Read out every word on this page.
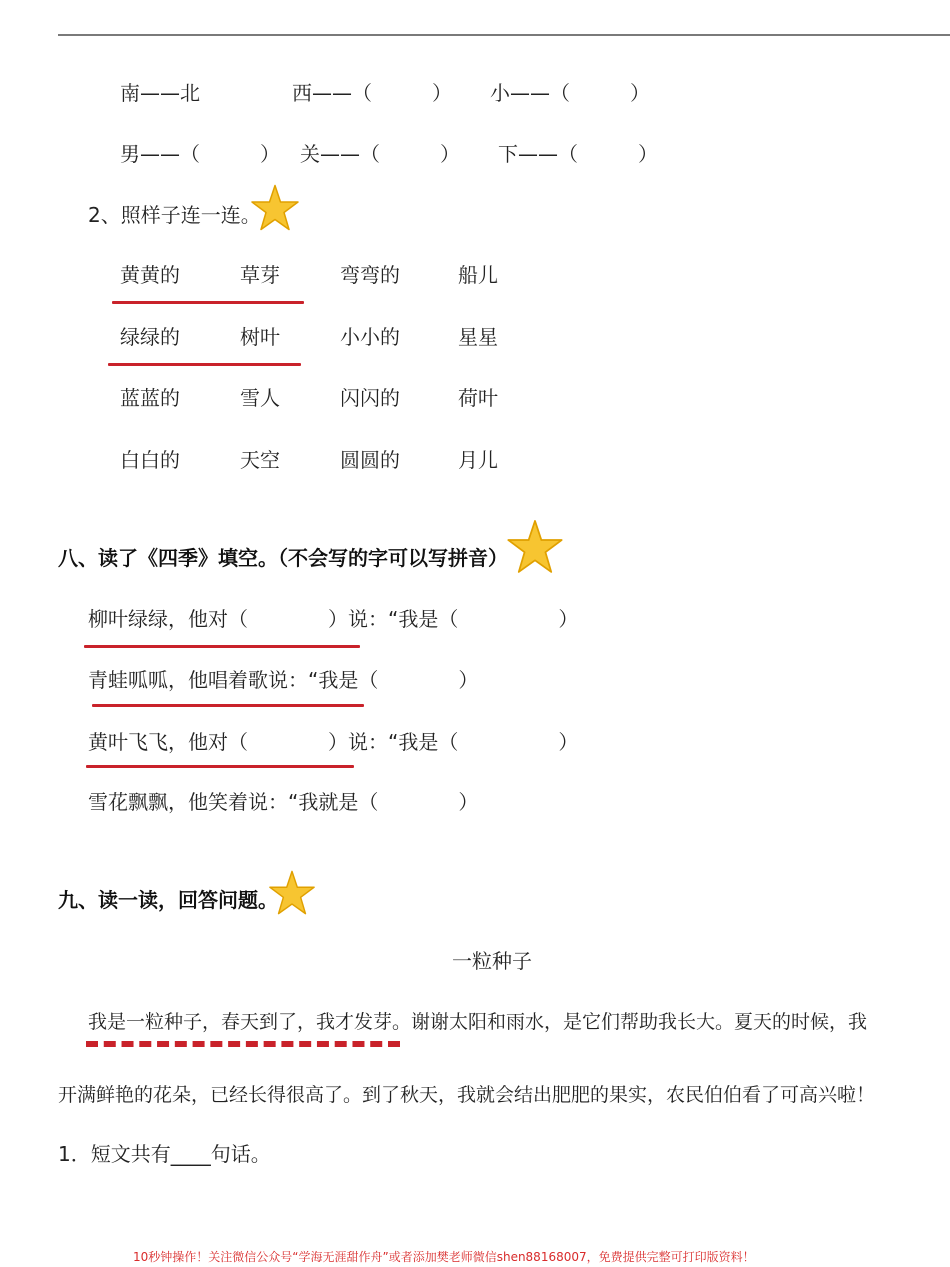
南——北	西——（　　　） 小——（　　　）
男——（　　　） 关——（　　　） 下——（　　　）
2、照样子连一连。
黄黄的	草芽	弯弯的	船儿
绿绿的	树叶	小小的	星星
蓝蓝的	雪人	闪闪的	荷叶
白白的	天空	圆圆的	月儿
八、读了《四季》填空。（不会写的字可以写拼音）
柳叶绿绿，他对（　　　　）说：“我是（　　　　　）
青蛙呱呱，他唱着歌说：“我是（　　　　）
黄叶飞飞，他对（　　　　）说：“我是（　　　　　）
雪花飘飘，他笑着说：“我就是（　　　　）
九、读一读，回答问题。
一粒种子
我是一粒种子，春天到了，我才发芽。谢谢太阳和雨水，是它们帮助我长大。夏天的时候，我
开满鲜艳的花朵，已经长得很高了。到了秋天，我就会结出肥肥的果实，农民伯伯看了可高兴啦！
1．短文共有____句话。
10秒钟操作！关注微信公众号“学海无涯甜作舟”或者添加樊老师微信shen88168007，免费提供完整可打印版资料！
